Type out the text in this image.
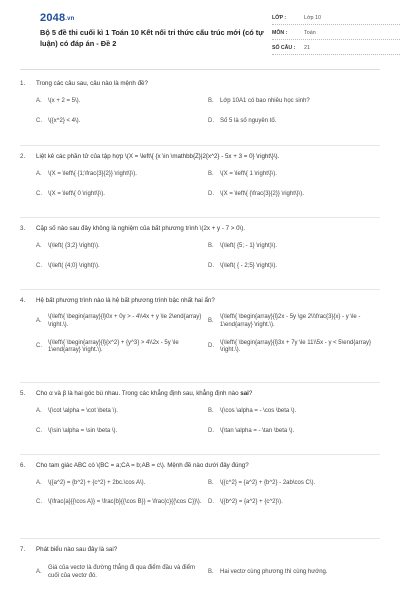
2048.vn
Bộ 5 đề thi cuối kì 1 Toán 10 Kết nối tri thức cấu trúc mới (có tự luận) có đáp án - Đề 2
LỚP :	Lớp 10
MÔN :	Toán
SỐ CÂU :	21
1.	Trong các câu sau, câu nào là mệnh đề?
A.	\(x + 2 = 5\).	B.	Lớp 10A1 có bao nhiêu học sinh?
C.	\({x^2} < 4\).	D.	Số 5 là số nguyên tố.
2.	Liệt kê các phần tử của tập hợp \(X = \left\{ {x \in \mathbb{Z}|2{x^2} - 5x + 3 = 0} \right\}\).
A.	\(X = \left\{ {1;\frac{3}{2}} \right\}\).	B.	\(X = \left\{ 1 \right\}\).
C.	\(X = \left\{ 0 \right\}\).	D.	\(X = \left\{ {\frac{3}{2}} \right\}\).
3.	Cặp số nào sau đây không là nghiệm của bất phương trình \(2x + y - 7 > 0\).
A.	\(\left( {3;2} \right)\).	B.	\(\left( {5; - 1} \right)\).
C.	\(\left( {4;0} \right)\).	D.	\(\left( { - 2;5} \right)\).
4.	Hệ bất phương trình nào là hệ bất phương trình bậc nhất hai ẩn?
A.
\(\left\{ \begin{array}{l}0x + 0y > - 4\\4x + y \le 2\end{array} \right.\).
B.
\(\left\{ \begin{array}{l}2x - 5y \ge 2\\\frac{3}{x} - y \le - 1\end{array} \right.\).
C.
\(\left\{ \begin{array}{l}{x^2} + {y^3} > 4\\2x - 5y \le 1\end{array} \right.\).
D.
\(\left\{ \begin{array}{l}3x + 7y \le 11\\5x - y < 5\end{array} \right.\).
5.	Cho α và β là hai góc bù nhau. Trong các khẳng định sau, khẳng định nào sai?
A.	\(\cot \alpha = \cot \beta \).	B.	\(\cos \alpha = - \cos \beta \).
C.	\(\sin \alpha = \sin \beta \).	D.	\(\tan \alpha = - \tan \beta \).
6.	Cho tam giác ABC có \(BC = a;CA = b;AB = c\). Mệnh đề nào dưới đây đúng?
A.	\({a^2} = {b^2} + {c^2} + 2bc.\cos A\).	B.	\({c^2} = {a^2} + {b^2} - 2ab\cos C\).
C.	\(\frac{a}{{\cos A}} = \frac{b}{{\cos B}} = \frac{c}{{\cos C}}\).	D.	\({b^2} = {a^2} + {c^2}\).
7.	Phát biểu nào sau đây là sai?
A.
Giá của vectơ là đường thẳng đi qua điểm đầu và điểm cuối của vectơ đó.
B.	Hai vectơ cùng phương thì cùng hướng.
